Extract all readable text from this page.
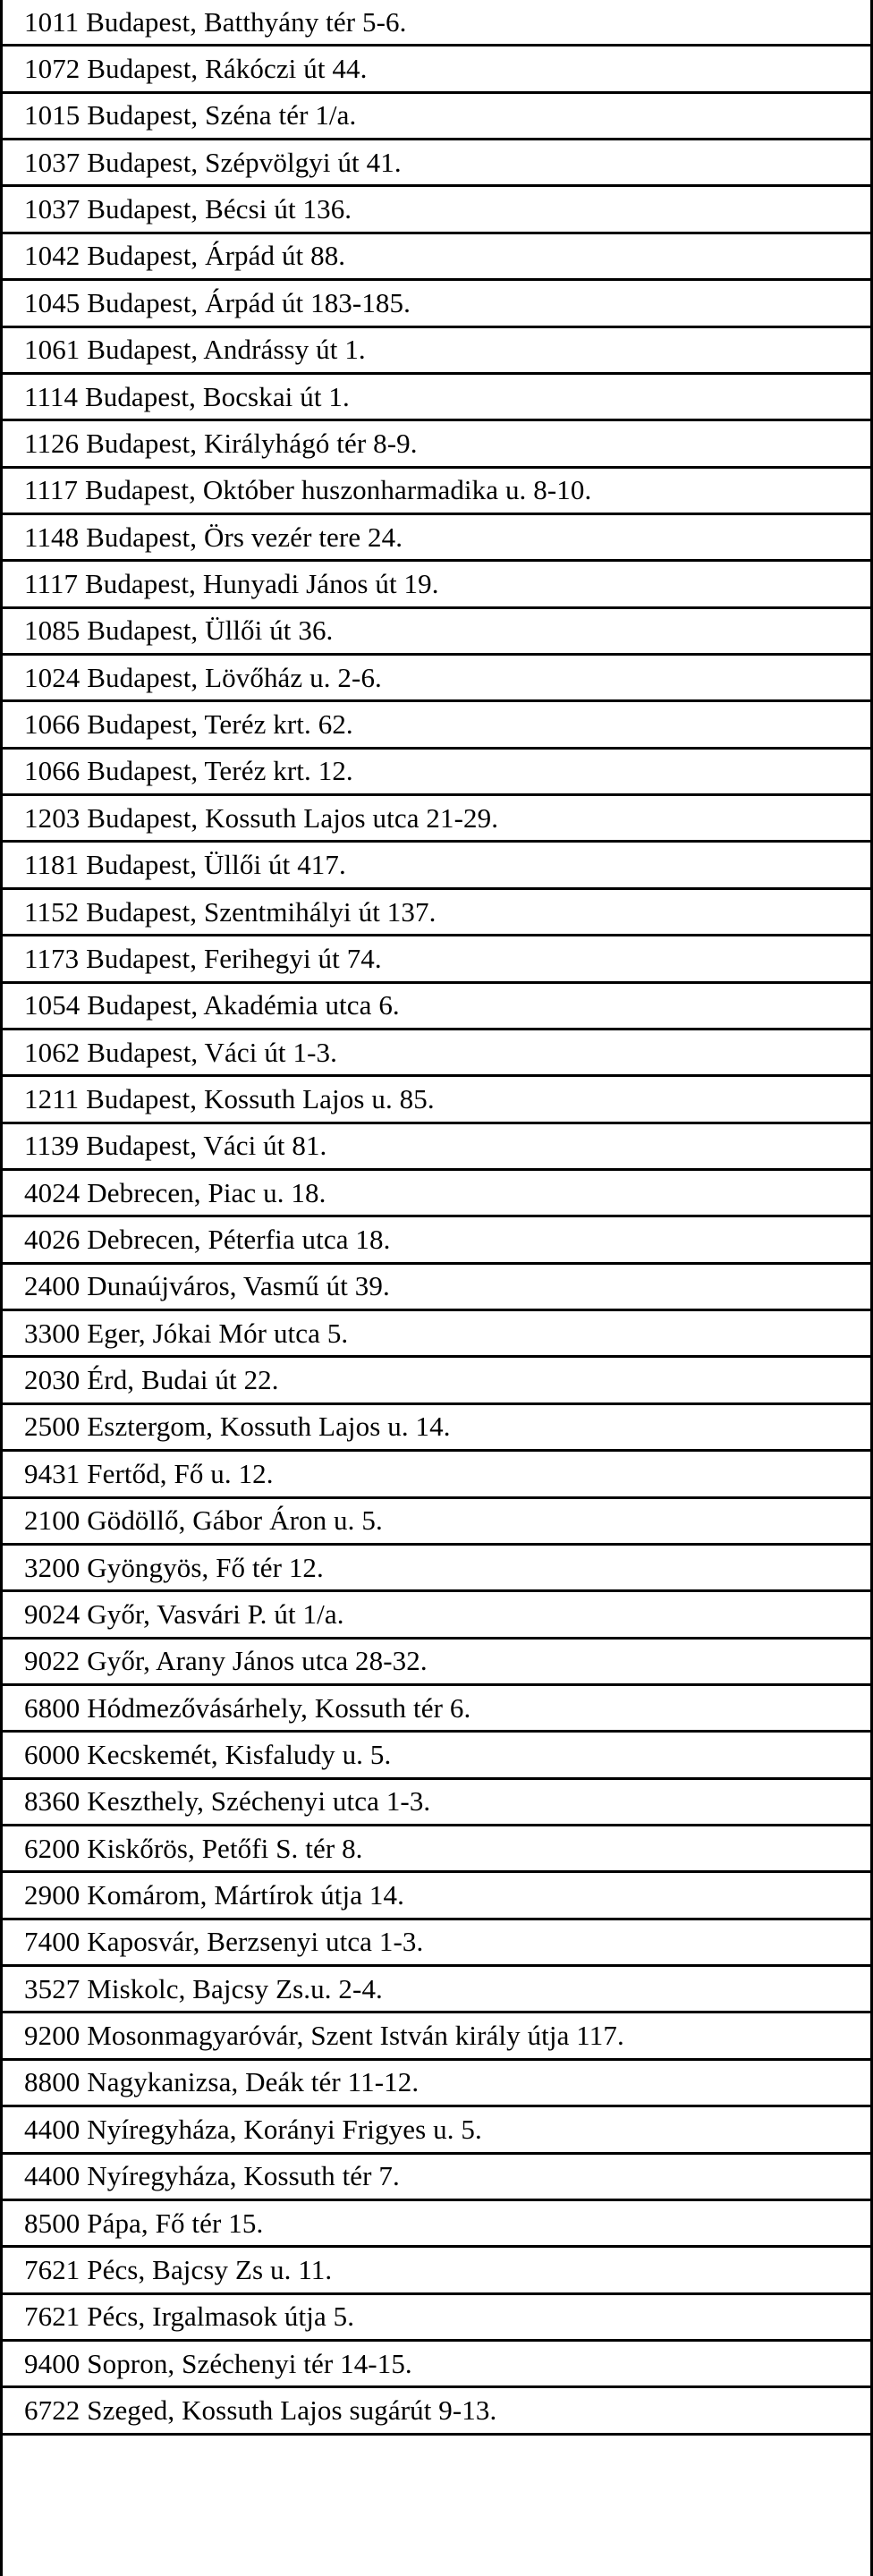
1011 Budapest, Batthyány tér 5-6.
1072 Budapest, Rákóczi út 44.
1015 Budapest, Széna tér 1/a.
1037 Budapest, Szépvölgyi út 41.
1037 Budapest, Bécsi út 136.
1042 Budapest, Árpád út 88.
1045 Budapest, Árpád út 183-185.
1061 Budapest, Andrássy út 1.
1114 Budapest, Bocskai út 1.
1126 Budapest, Királyhágó tér 8-9.
1117 Budapest, Október huszonharmadika u. 8-10.
1148 Budapest, Örs vezér tere 24.
1117 Budapest, Hunyadi János út 19.
1085 Budapest, Üllői út 36.
1024 Budapest, Lövőház u. 2-6.
1066 Budapest, Teréz krt. 62.
1066 Budapest, Teréz krt. 12.
1203 Budapest, Kossuth Lajos utca 21-29.
1181 Budapest, Üllői út 417.
1152 Budapest, Szentmihályi út 137.
1173 Budapest, Ferihegyi út 74.
1054 Budapest, Akadémia utca 6.
1062 Budapest, Váci út 1-3.
1211 Budapest, Kossuth Lajos u. 85.
1139 Budapest, Váci út 81.
4024 Debrecen, Piac u. 18.
4026 Debrecen, Péterfia utca 18.
2400 Dunaújváros, Vasmű út 39.
3300 Eger, Jókai Mór utca 5.
2030 Érd, Budai út 22.
2500 Esztergom, Kossuth Lajos u. 14.
9431 Fertőd, Fő u. 12.
2100 Gödöllő, Gábor Áron u. 5.
3200 Gyöngyös, Fő tér 12.
9024 Győr, Vasvári P. út 1/a.
9022 Győr, Arany János utca 28-32.
6800 Hódmezővásárhely, Kossuth tér 6.
6000 Kecskemét, Kisfaludy u. 5.
8360 Keszthely, Széchenyi utca 1-3.
6200 Kiskőrös, Petőfi S. tér 8.
2900 Komárom, Mártírok útja 14.
7400 Kaposvár, Berzsenyi utca 1-3.
3527 Miskolc, Bajcsy Zs.u. 2-4.
9200 Mosonmagyaróvár, Szent István király útja 117.
8800 Nagykanizsa, Deák tér 11-12.
4400 Nyíregyháza, Korányi Frigyes u. 5.
4400 Nyíregyháza, Kossuth tér 7.
8500 Pápa, Fő tér 15.
7621 Pécs, Bajcsy Zs u. 11.
7621 Pécs, Irgalmasok útja 5.
9400 Sopron, Széchenyi tér 14-15.
6722 Szeged, Kossuth Lajos sugárút 9-13.
